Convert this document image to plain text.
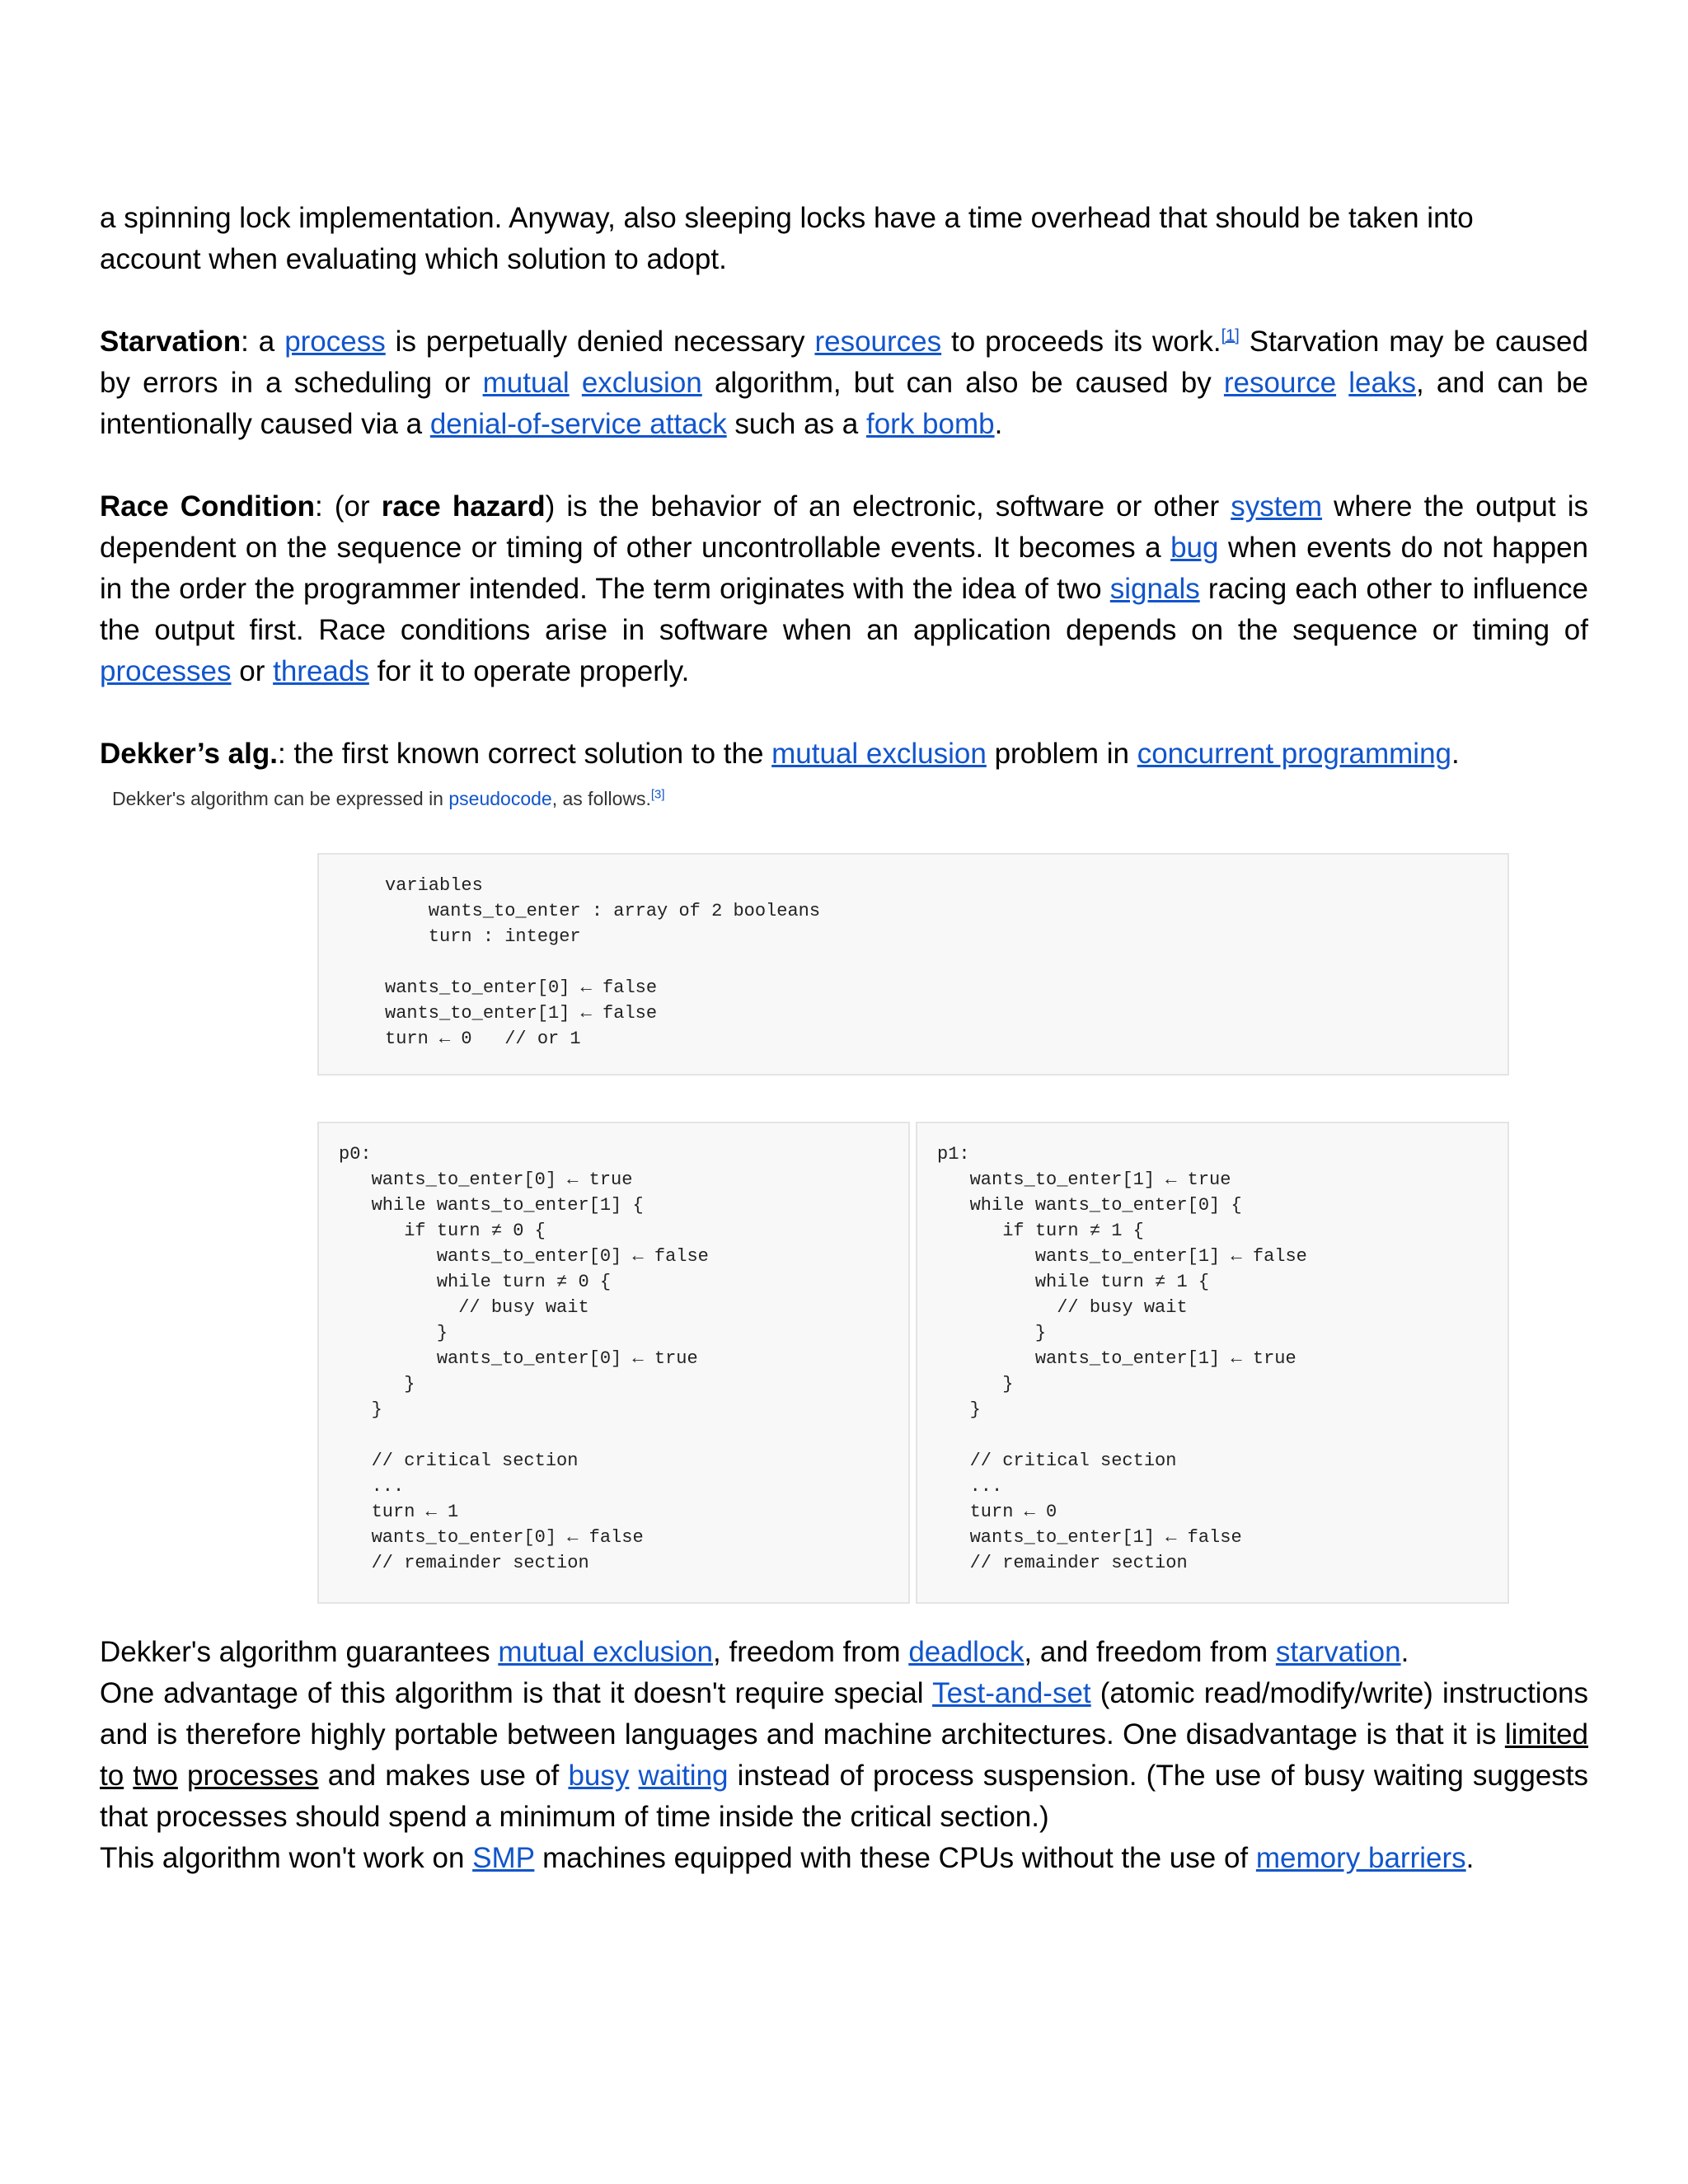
a spinning lock implementation. Anyway, also sleeping locks have a time overhead that should be taken into
account when evaluating which solution to adopt.

Starvation: a process is perpetually denied necessary resources to proceeds its work.[1] Starvation may be caused by errors in a scheduling or mutual exclusion algorithm, but can also be caused by resource leaks, and can be intentionally caused via a denial-of-service attack such as a fork bomb.

Race Condition: (or race hazard) is the behavior of an electronic, software or other system where the output is dependent on the sequence or timing of other uncontrollable events. It becomes a bug when events do not happen in the order the programmer intended. The term originates with the idea of two signals racing each other to influence the output first. Race conditions arise in software when an application depends on the sequence or timing of processes or threads for it to operate properly.

Dekker’s alg.: the first known correct solution to the mutual exclusion problem in concurrent programming.

Dekker's algorithm can be expressed in pseudocode, as follows.[3]
variables
wants_to_enter : array of 2 booleans
turn : integer

wants_to_enter[0] ← false
wants_to_enter[1] ← false
turn ← 0   // or 1
p0:
wants_to_enter[0] ← true
while wants_to_enter[1] {
if turn ≠ 0 {
wants_to_enter[0] ← false
while turn ≠ 0 {
// busy wait
}
wants_to_enter[0] ← true
}
}

// critical section
...
turn ← 1
wants_to_enter[0] ← false
// remainder section
p1:
wants_to_enter[1] ← true
while wants_to_enter[0] {
if turn ≠ 1 {
wants_to_enter[1] ← false
while turn ≠ 1 {
// busy wait
}
wants_to_enter[1] ← true
}
}

// critical section
...
turn ← 0
wants_to_enter[1] ← false
// remainder section

Dekker's algorithm guarantees mutual exclusion, freedom from deadlock, and freedom from starvation.

One advantage of this algorithm is that it doesn't require special Test-and-set (atomic read/modify/write) instructions and is therefore highly portable between languages and machine architectures. One disadvantage is that it is limited to two processes and makes use of busy waiting instead of process suspension. (The use of busy waiting suggests that processes should spend a minimum of time inside the critical section.)

This algorithm won't work on SMP machines equipped with these CPUs without the use of memory barriers.
